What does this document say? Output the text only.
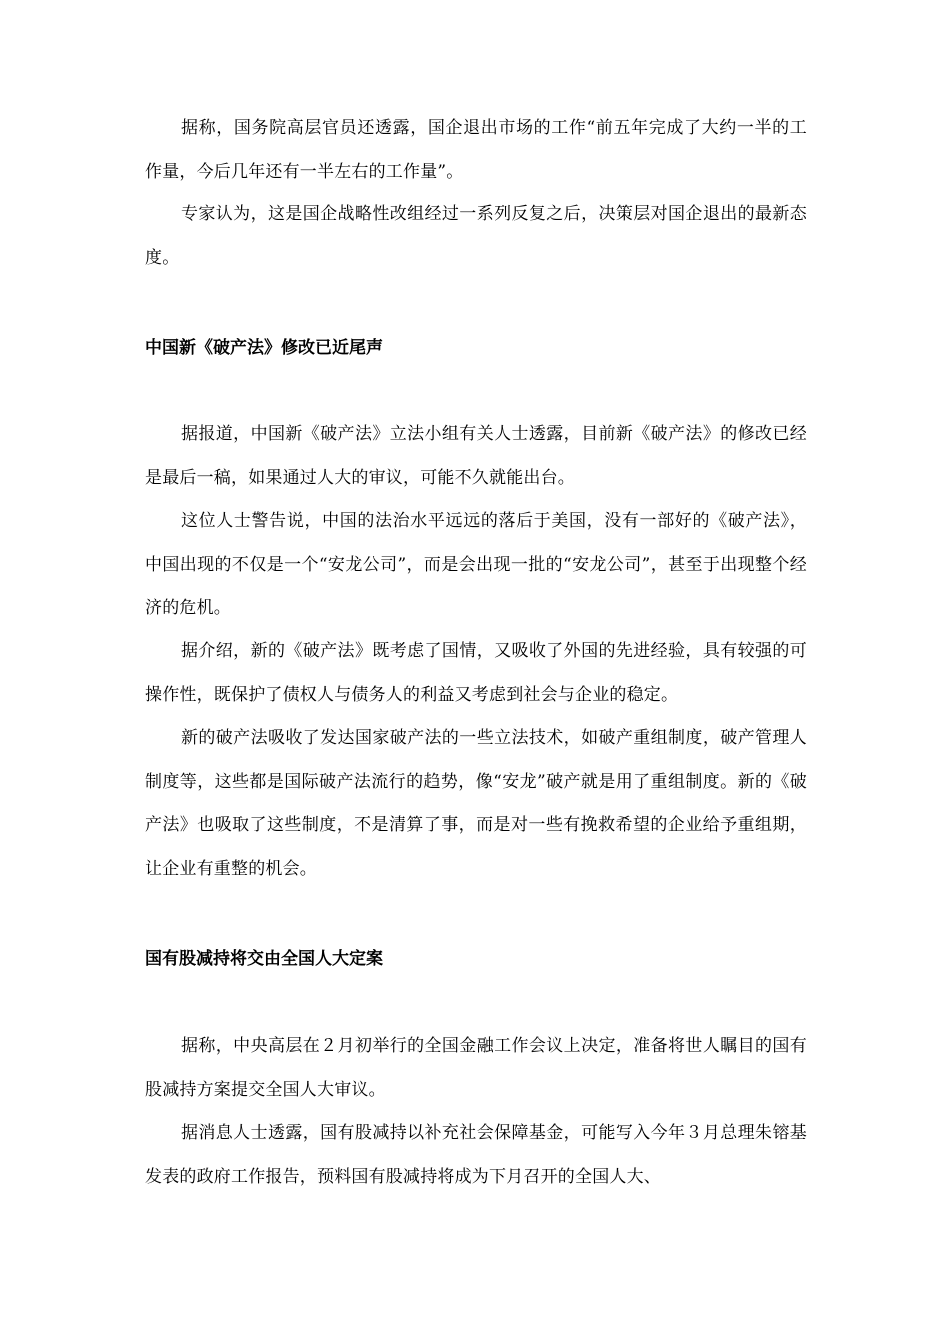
据称，国务院高层官员还透露，国企退出市场的工作“前五年完成了大约一半的工作量，今后几年还有一半左右的工作量”。

专家认为，这是国企战略性改组经过一系列反复之后，决策层对国企退出的最新态度。

中国新《破产法》修改已近尾声

据报道，中国新《破产法》立法小组有关人士透露，目前新《破产法》的修改已经是最后一稿，如果通过人大的审议，可能不久就能出台。

这位人士警告说，中国的法治水平远远的落后于美国，没有一部好的《破产法》，中国出现的不仅是一个“安龙公司”，而是会出现一批的“安龙公司”，甚至于出现整个经济的危机。

据介绍，新的《破产法》既考虑了国情，又吸收了外国的先进经验，具有较强的可操作性，既保护了债权人与债务人的利益又考虑到社会与企业的稳定。

新的破产法吸收了发达国家破产法的一些立法技术，如破产重组制度，破产管理人制度等，这些都是国际破产法流行的趋势，像“安龙”破产就是用了重组制度。新的《破产法》也吸取了这些制度，不是清算了事，而是对一些有挽救希望的企业给予重组期，让企业有重整的机会。

国有股减持将交由全国人大定案

据称，中央高层在２月初举行的全国金融工作会议上决定，准备将世人瞩目的国有股减持方案提交全国人大审议。

据消息人士透露，国有股减持以补充社会保障基金，可能写入今年３月总理朱镕基发表的政府工作报告，预料国有股减持将成为下月召开的全国人大、
